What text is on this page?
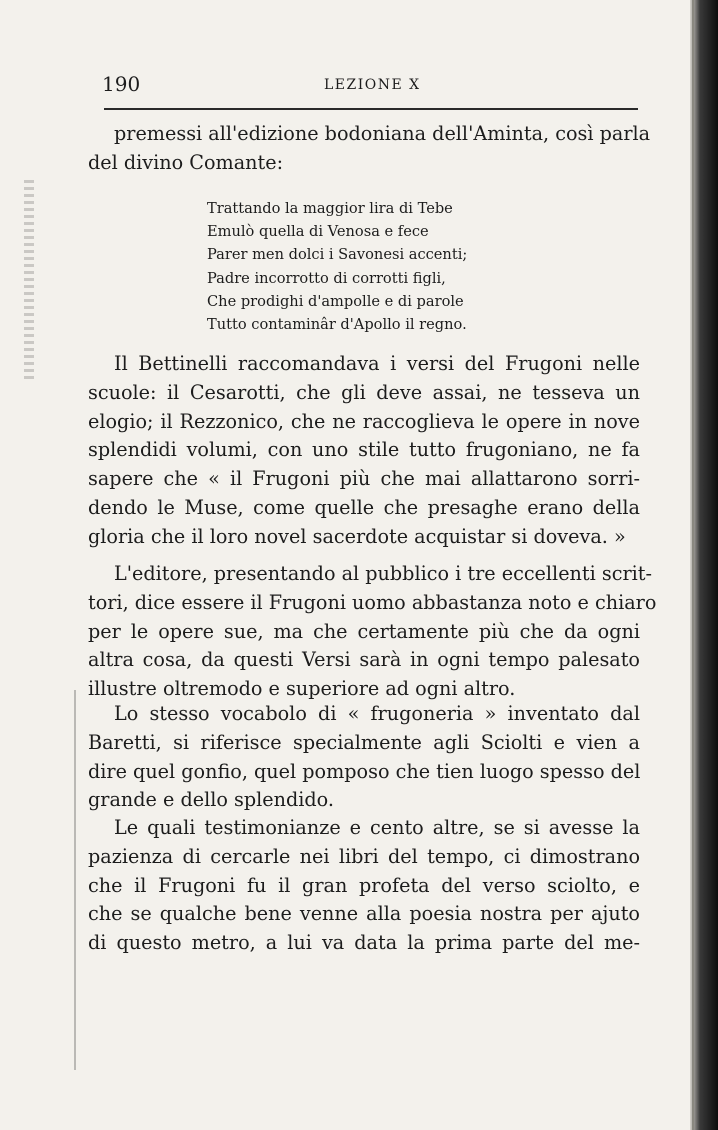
190	LEZIONE X
premessi all'edizione bodoniana dell'Aminta, così parla
del divino Comante:
Trattando la maggior lira di Tebe
Emulò quella di Venosa e fece
Parer men dolci i Savonesi accenti;
Padre incorrotto di corrotti figli,
Che prodighi d'ampolle e di parole
Tutto contaminâr d'Apollo il regno.
Il Bettinelli raccomandava i versi del Frugoni nelle
scuole: il Cesarotti, che gli deve assai, ne tesseva un
elogio; il Rezzonico, che ne raccoglieva le opere in nove
splendidi volumi, con uno stile tutto frugoniano, ne fa
sapere che « il Frugoni più che mai allattarono sorri-
dendo le Muse, come quelle che presaghe erano della
gloria che il loro novel sacerdote acquistar si doveva. »
L'editore, presentando al pubblico i tre eccellenti scrit-
tori, dice essere il Frugoni uomo abbastanza noto e chiaro
per le opere sue, ma che certamente più che da ogni
altra cosa, da questi Versi sarà in ogni tempo palesato
illustre oltremodo e superiore ad ogni altro.
Lo stesso vocabolo di « frugoneria » inventato dal
Baretti, si riferisce specialmente agli Sciolti e vien a
dire quel gonfio, quel pomposo che tien luogo spesso del
grande e dello splendido.
Le quali testimonianze e cento altre, se si avesse la
pazienza di cercarle nei libri del tempo, ci dimostrano
che il Frugoni fu il gran profeta del verso sciolto, e
che se qualche bene venne alla poesia nostra per ajuto
di questo metro, a lui va data la prima parte del me-
